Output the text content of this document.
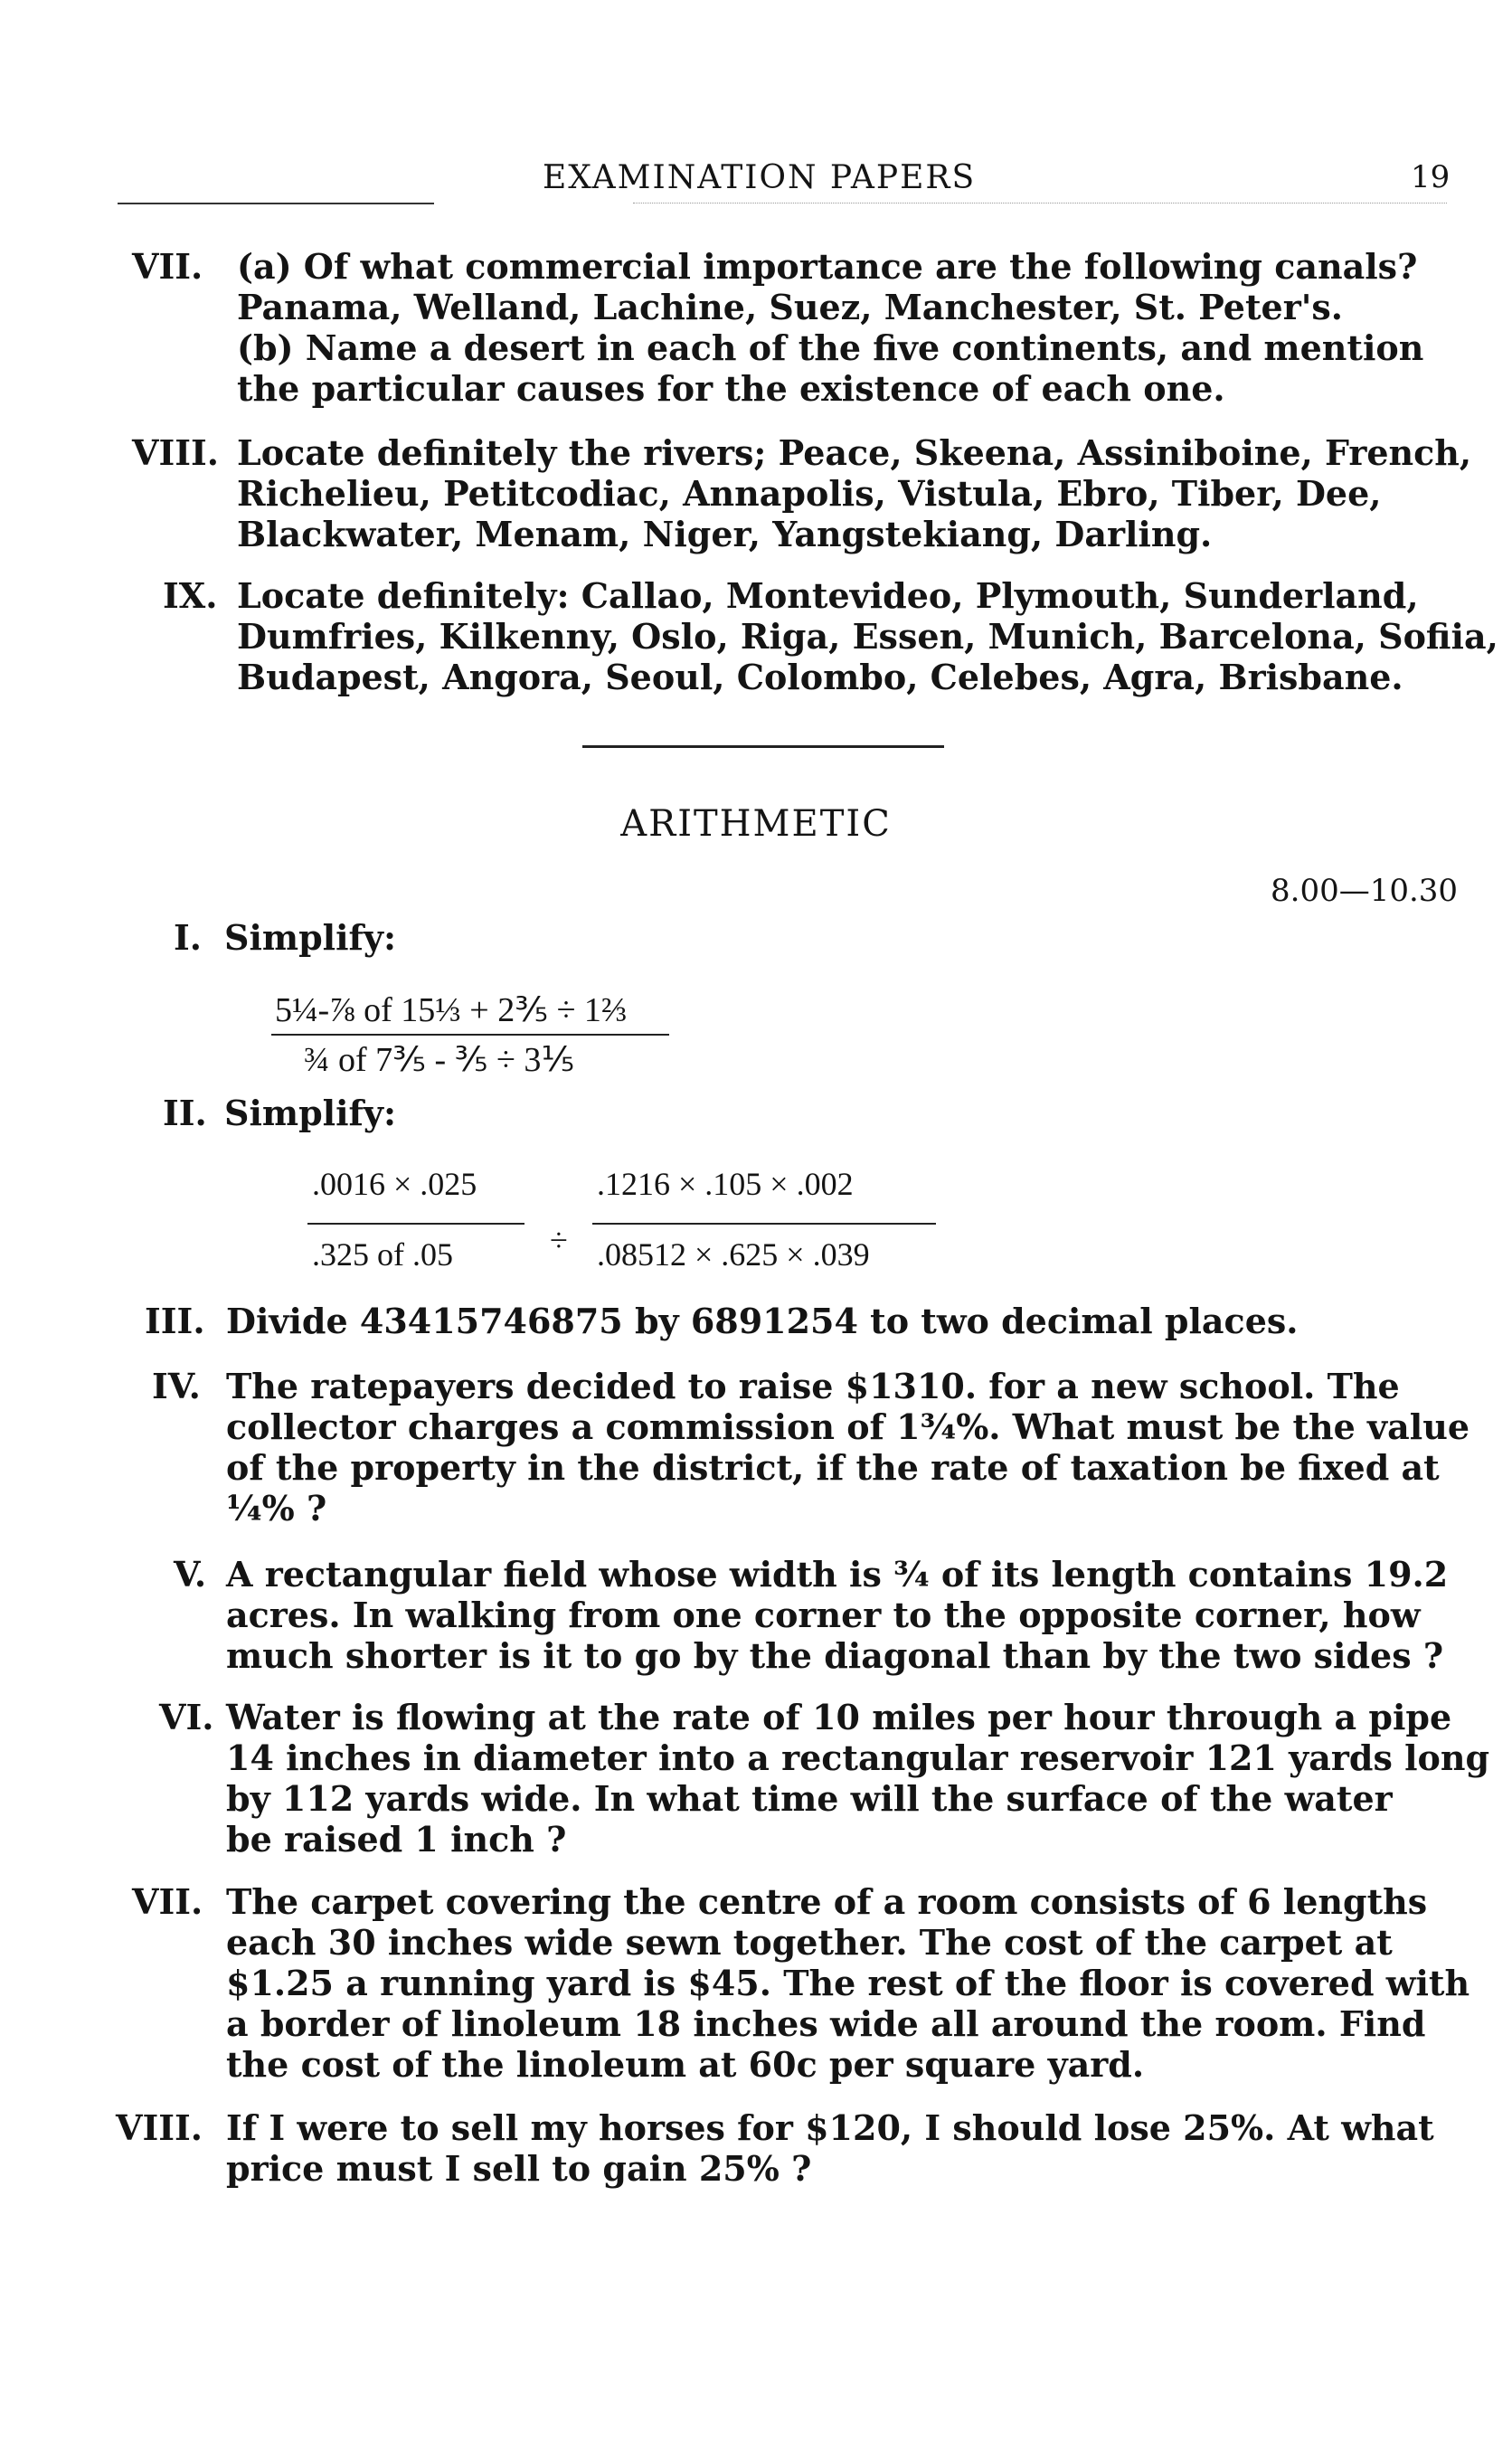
EXAMINATION PAPERS	19
VII. (a) Of what commercial importance are the following canals?
Panama, Welland, Lachine, Suez, Manchester, St. Peter's.
(b) Name a desert in each of the five continents, and mention
the particular causes for the existence of each one.
VIII. Locate definitely the rivers; Peace, Skeena, Assiniboine, French,
Richelieu, Petitcodiac, Annapolis, Vistula, Ebro, Tiber, Dee,
Blackwater, Menam, Niger, Yangstekiang, Darling.
IX. Locate definitely: Callao, Montevideo, Plymouth, Sunderland,
Dumfries, Kilkenny, Oslo, Riga, Essen, Munich, Barcelona, Sofiia,
Budapest, Angora, Seoul, Colombo, Celebes, Agra, Brisbane.
ARITHMETIC
8.00—10.30
I. Simplify:
5¼-⅞ of 15⅓ + 2⅗ ÷ 1⅔
¾ of 7⅗ - ⅗ ÷ 3⅕
II. Simplify:
.0016 × .025
.325 of .05	÷
.1216 × .105 × .002
.08512 × .625 × .039
III. Divide 43415746875 by 6891254 to two decimal places.
IV. The ratepayers decided to raise $1310. for a new school. The
collector charges a commission of 1¾%. What must be the value
of the property in the district, if the rate of taxation be fixed at
¼% ?
V. A rectangular field whose width is ¾ of its length contains 19.2
acres. In walking from one corner to the opposite corner, how
much shorter is it to go by the diagonal than by the two sides ?
VI. Water is flowing at the rate of 10 miles per hour through a pipe
14 inches in diameter into a rectangular reservoir 121 yards long
by 112 yards wide. In what time will the surface of the water
be raised 1 inch ?
VII. The carpet covering the centre of a room consists of 6 lengths
each 30 inches wide sewn together. The cost of the carpet at
$1.25 a running yard is $45. The rest of the floor is covered with
a border of linoleum 18 inches wide all around the room. Find
the cost of the linoleum at 60c per square yard.
VIII. If I were to sell my horses for $120, I should lose 25%. At what
price must I sell to gain 25% ?
